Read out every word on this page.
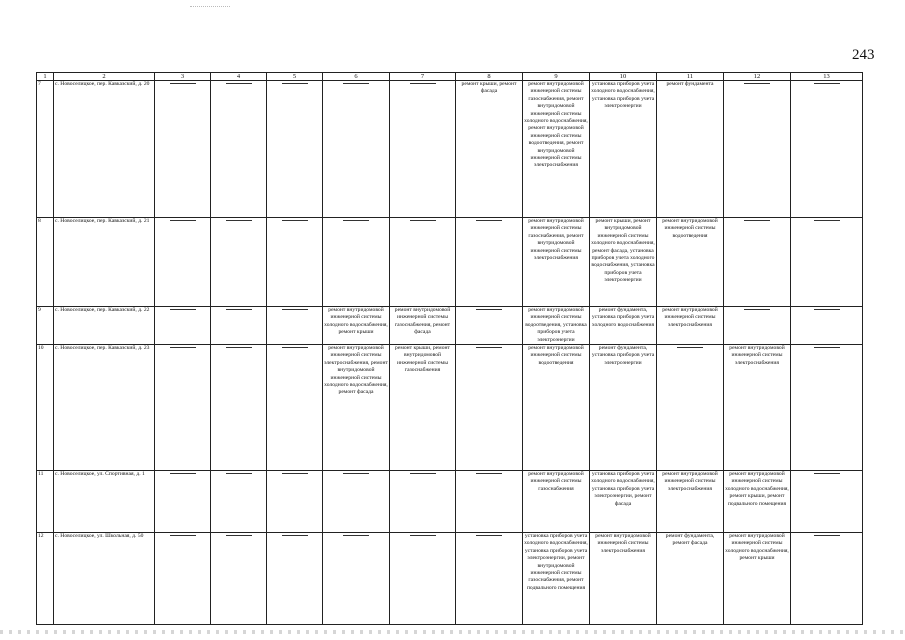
243
1	2	3	4	5	6	7	8	9	10	11	12	13
7	с. Новоселицкое, пер. Кавказский, д. 20						ремонт крыши, ремонт фасада	ремонт внутридомовой инженерной системы газоснабжения, ремонт внутридомовой инженерной системы холодного водоснабжения, ремонт внутридомовой инженерной системы водоотведения, ремонт внутридомовой инженерной системы электроснабжения	установка приборов учета холодного водоснабжения, установка приборов учета электроэнергии	ремонт фундамента	

8	с. Новоселицкое, пер. Кавказский, д. 21							ремонт внутридомовой инженерной системы газоснабжения, ремонт внутридомовой инженерной системы электроснабжения	ремонт крыши, ремонт внутридомовой инженерной системы холодного водоснабжения, ремонт фасада, установка приборов учета холодного водоснабжения, установка приборов учета электроэнергии	ремонт внутридомовой инженерной системы водоотведения	

9	с. Новоселицкое, пер. Кавказский, д. 22				ремонт внутридомовой инженерной системы холодного водоснабжения, ремонт крыши	ремонт внутридомовой инженерной системы газоснабжения, ремонт фасада		ремонт внутридомовой инженерной системы водоотведения, установка приборов учета электроэнергии	ремонт фундамента, установка приборов учета холодного водоснабжения	ремонт внутридомовой инженерной системы электроснабжения	

10	с. Новоселицкое, пер. Кавказский, д. 23				ремонт внутридомовой инженерной системы электроснабжения, ремонт внутридомовой инженерной системы холодного водоснабжения, ремонт фасада	ремонт крыши, ремонт внутридомовой инженерной системы газоснабжения		ремонт внутридомовой инженерной системы водоотведения	ремонт фундамента, установка приборов учета электроэнергии		ремонт внутридомовой инженерной системы электроснабжения	

11	с. Новоселицкое, ул. Спортивная, д. 1							ремонт внутридомовой инженерной системы газоснабжения	установка приборов учета холодного водоснабжения, установка приборов учета электроэнергии, ремонт фасада	ремонт внутридомовой инженерной системы электроснабжения	ремонт внутридомовой инженерной системы холодного водоснабжения, ремонт крыши, ремонт подвального помещения	

12	с. Новоселицкое, ул. Школьная, д. 50							установка приборов учета холодного водоснабжения, установка приборов учета электроэнергии, ремонт внутридомовой инженерной системы газоснабжения, ремонт подвального помещения	ремонт внутридомовой инженерной системы электроснабжения	ремонт фундамента, ремонт фасада	ремонт внутридомовой инженерной системы холодного водоснабжения, ремонт крыши	
